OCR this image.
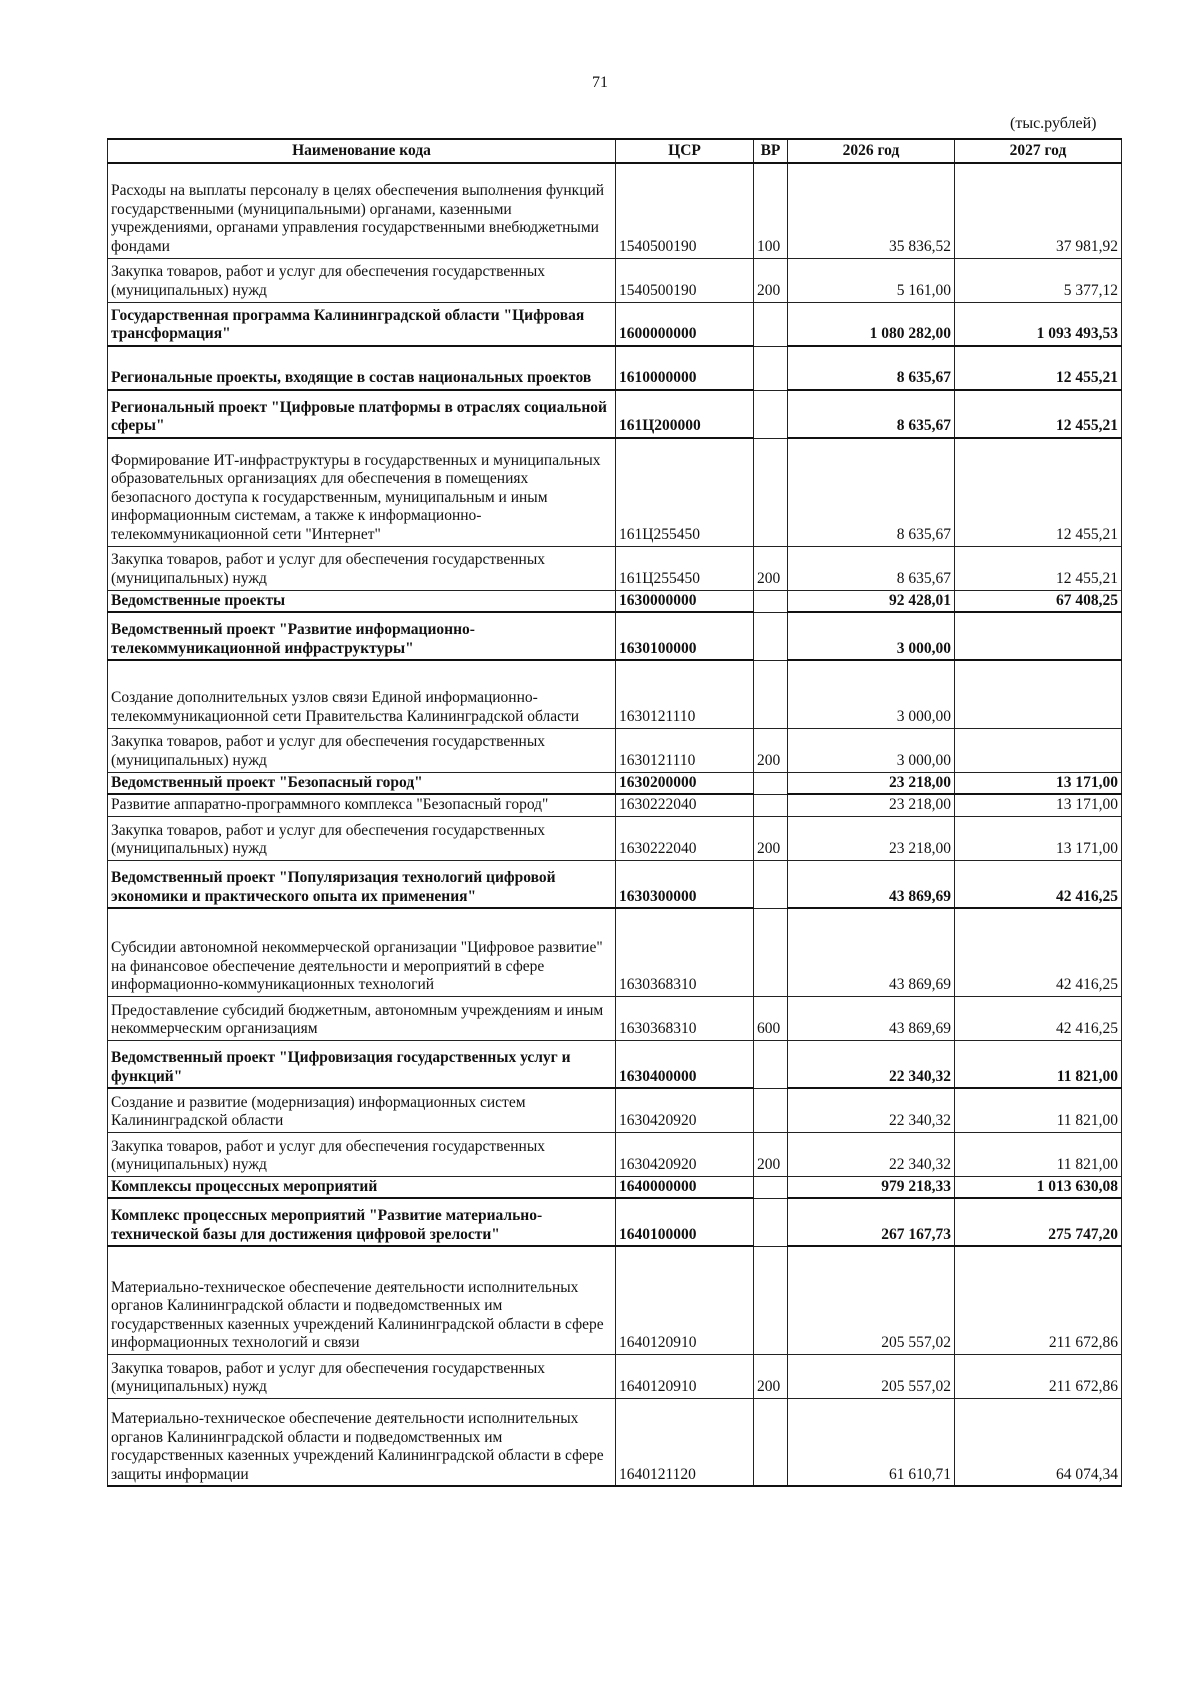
71
(тыс.рублей)
Наименование кода	ЦСР	ВР	2026 год	2027 год
Расходы на выплаты персоналу в целях обеспечения выполнения функций государственными (муниципальными) органами, казенными учреждениями, органами управления государственными внебюджетными фондами	1540500190	100	35 836,52	37 981,92
Закупка товаров, работ и услуг для обеспечения государственных (муниципальных) нужд	1540500190	200	5 161,00	5 377,12
Государственная программа Калининградской области "Цифровая трансформация"	1600000000		1 080 282,00	1 093 493,53
Региональные проекты, входящие в состав национальных проектов	1610000000		8 635,67	12 455,21
Региональный проект "Цифровые платформы в отраслях социальной сферы"	161Ц200000		8 635,67	12 455,21
Формирование ИТ-инфраструктуры в государственных и муниципальных образовательных организациях для обеспечения в помещениях безопасного доступа к государственным, муниципальным и иным информационным системам, а также к информационно-телекоммуникационной сети "Интернет"	161Ц255450		8 635,67	12 455,21
Закупка товаров, работ и услуг для обеспечения государственных (муниципальных) нужд	161Ц255450	200	8 635,67	12 455,21
Ведомственные проекты	1630000000		92 428,01	67 408,25
Ведомственный проект "Развитие информационно-телекоммуникационной инфраструктуры"	1630100000		3 000,00	
Создание дополнительных узлов связи Единой информационно-телекоммуникационной сети Правительства Калининградской области	1630121110		3 000,00	
Закупка товаров, работ и услуг для обеспечения государственных (муниципальных) нужд	1630121110	200	3 000,00	
Ведомственный проект "Безопасный город"	1630200000		23 218,00	13 171,00
Развитие аппаратно-программного комплекса "Безопасный город"	1630222040		23 218,00	13 171,00
Закупка товаров, работ и услуг для обеспечения государственных (муниципальных) нужд	1630222040	200	23 218,00	13 171,00
Ведомственный проект "Популяризация технологий цифровой экономики и практического опыта их применения"	1630300000		43 869,69	42 416,25
Субсидии автономной некоммерческой организации "Цифровое развитие" на финансовое обеспечение деятельности и мероприятий в сфере информационно-коммуникационных технологий	1630368310		43 869,69	42 416,25
Предоставление субсидий бюджетным, автономным учреждениям и иным некоммерческим организациям	1630368310	600	43 869,69	42 416,25
Ведомственный проект "Цифровизация государственных услуг и функций"	1630400000		22 340,32	11 821,00
Создание и развитие (модернизация) информационных систем Калининградской области	1630420920		22 340,32	11 821,00
Закупка товаров, работ и услуг для обеспечения государственных (муниципальных) нужд	1630420920	200	22 340,32	11 821,00
Комплексы процессных мероприятий	1640000000		979 218,33	1 013 630,08
Комплекс процессных мероприятий "Развитие материально-технической базы для достижения цифровой зрелости"	1640100000		267 167,73	275 747,20
Материально-техническое обеспечение деятельности исполнительных органов Калининградской области и подведомственных им государственных казенных учреждений Калининградской области в сфере информационных технологий и связи	1640120910		205 557,02	211 672,86
Закупка товаров, работ и услуг для обеспечения государственных (муниципальных) нужд	1640120910	200	205 557,02	211 672,86
Материально-техническое обеспечение деятельности исполнительных органов Калининградской области и подведомственных им государственных казенных учреждений Калининградской области в сфере защиты информации	1640121120		61 610,71	64 074,34
